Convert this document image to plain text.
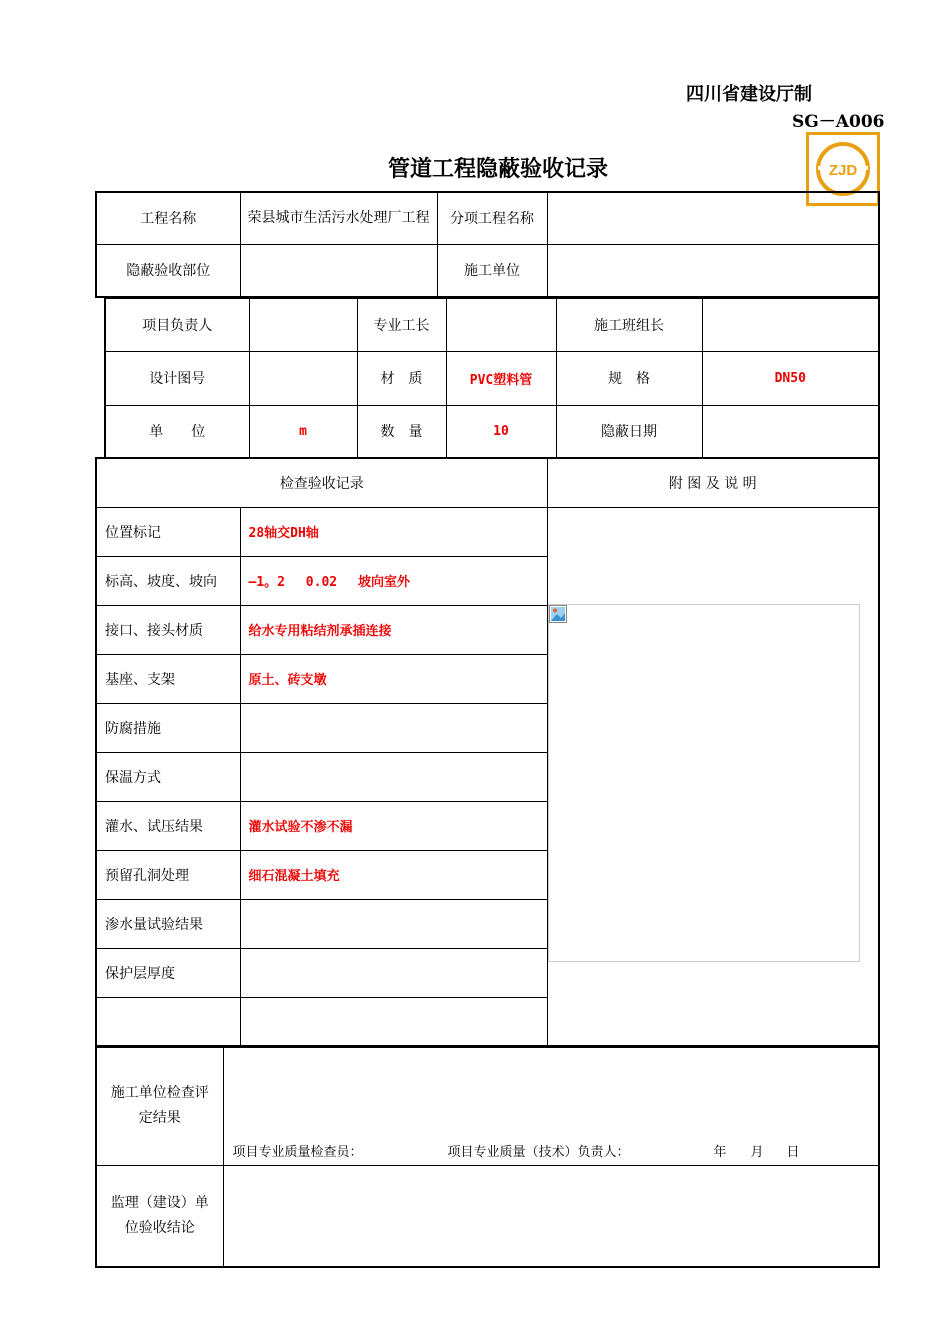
四川省建设厅制
SG－A006
管道工程隐蔽验收记录	ZJD
工程名称	荣县城市生活污水处理厂工程	分项工程名称	
隐蔽验收部位		施工单位	
项目负责人		专业工长		施工班组长	
设计图号		材　质	PVC塑料管	规　格	DN50
单　　位	m	数　量	10	隐蔽日期	
检查验收记录		附 图 及 说 明
位置标记	28轴交DH轴	
标高、坡度、坡向	—1。2　 0.02　 坡向室外	
接口、接头材质	给水专用粘结剂承插连接	
基座、支架	原土、砖支墩	
防腐措施		
保温方式		
灌水、试压结果	灌水试验不渗不漏	
预留孔洞处理	细石混凝土填充	
渗水量试验结果		
保护层厚度		

施工单位检查评定结果	项目专业质量检查员： 项目专业质量（技术）负责人： 年 月 日

监理（建设）单位验收结论	
